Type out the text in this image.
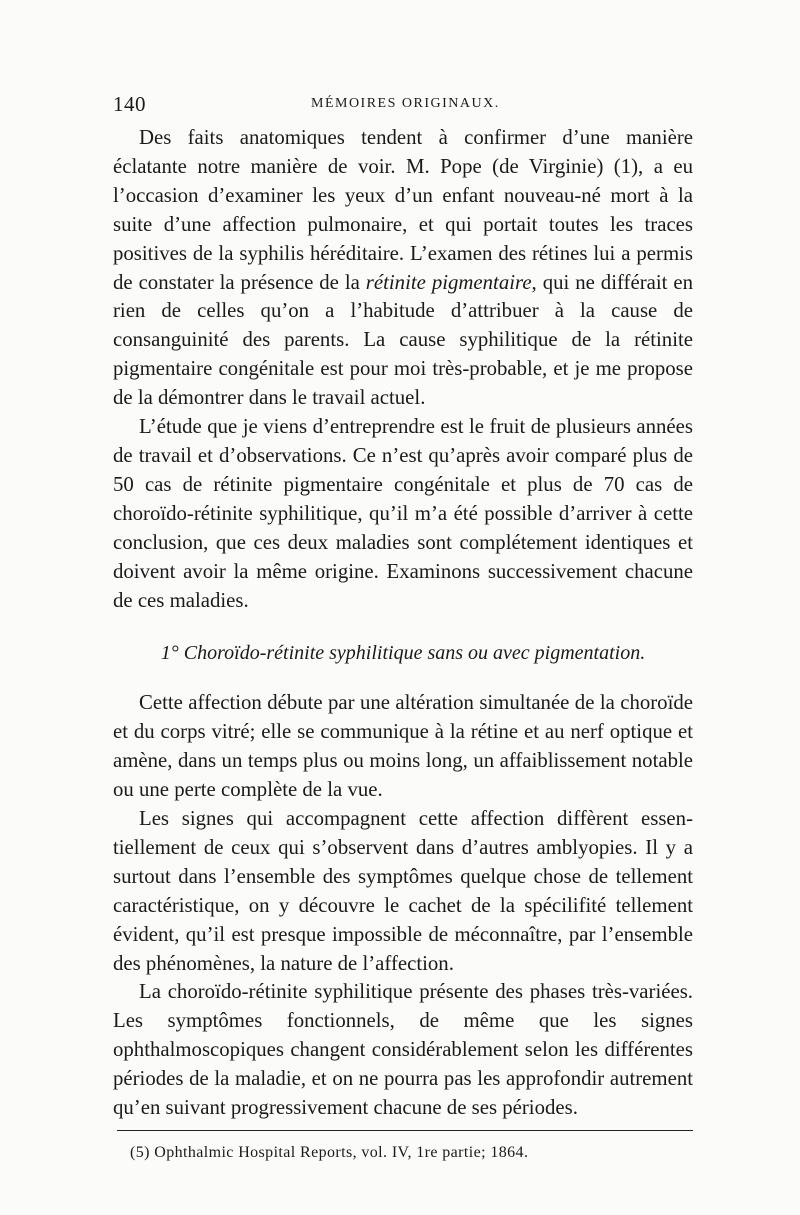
140	MÉMOIRES ORIGINAUX.

Des faits anatomiques tendent à confirmer d’une manière éclatante notre manière de voir. M. Pope (de Virginie) (1), a eu l’occasion d’examiner les yeux d’un enfant nouveau-né mort à la suite d’une affection pulmonaire, et qui portait toutes les traces positives de la syphilis héréditaire. L’examen des rétines lui a permis de constater la présence de la rétinite pigmentaire, qui ne différait en rien de celles qu’on a l’habitude d’attribuer à la cause de consanguinité des parents. La cause syphilitique de la rétinite pigmentaire congénitale est pour moi très-probable, et je me propose de la démontrer dans le travail actuel.

L’étude que je viens d’entreprendre est le fruit de plusieurs années de travail et d’observations. Ce n’est qu’après avoir comparé plus de 50 cas de rétinite pigmentaire congénitale et plus de 70 cas de choroïdo-rétinite syphilitique, qu’il m’a été possible d’arriver à cette conclusion, que ces deux maladies sont complétement identiques et doivent avoir la même origine. Examinons successivement chacune de ces maladies.

1° Choroïdo-rétinite syphilitique sans ou avec pigmentation.

Cette affection débute par une altération simultanée de la choroïde et du corps vitré; elle se communique à la rétine et au nerf optique et amène, dans un temps plus ou moins long, un affaiblissement notable ou une perte complète de la vue.

Les signes qui accompagnent cette affection diffèrent essentiellement de ceux qui s’observent dans d’autres amblyopies. Il y a surtout dans l’ensemble des symptômes quelque chose de tellement caractéristique, on y découvre le cachet de la spécilifité tellement évident, qu’il est presque impossible de méconnaître, par l’ensemble des phénomènes, la nature de l’affection.

La choroïdo-rétinite syphilitique présente des phases très-variées. Les symptômes fonctionnels, de même que les signes ophthalmoscopiques changent considérablement selon les différentes périodes de la maladie, et on ne pourra pas les approfondir autrement qu’en suivant progressivement chacune de ses périodes.

(5) Ophthalmic Hospital Reports, vol. IV, 1re partie; 1864.
